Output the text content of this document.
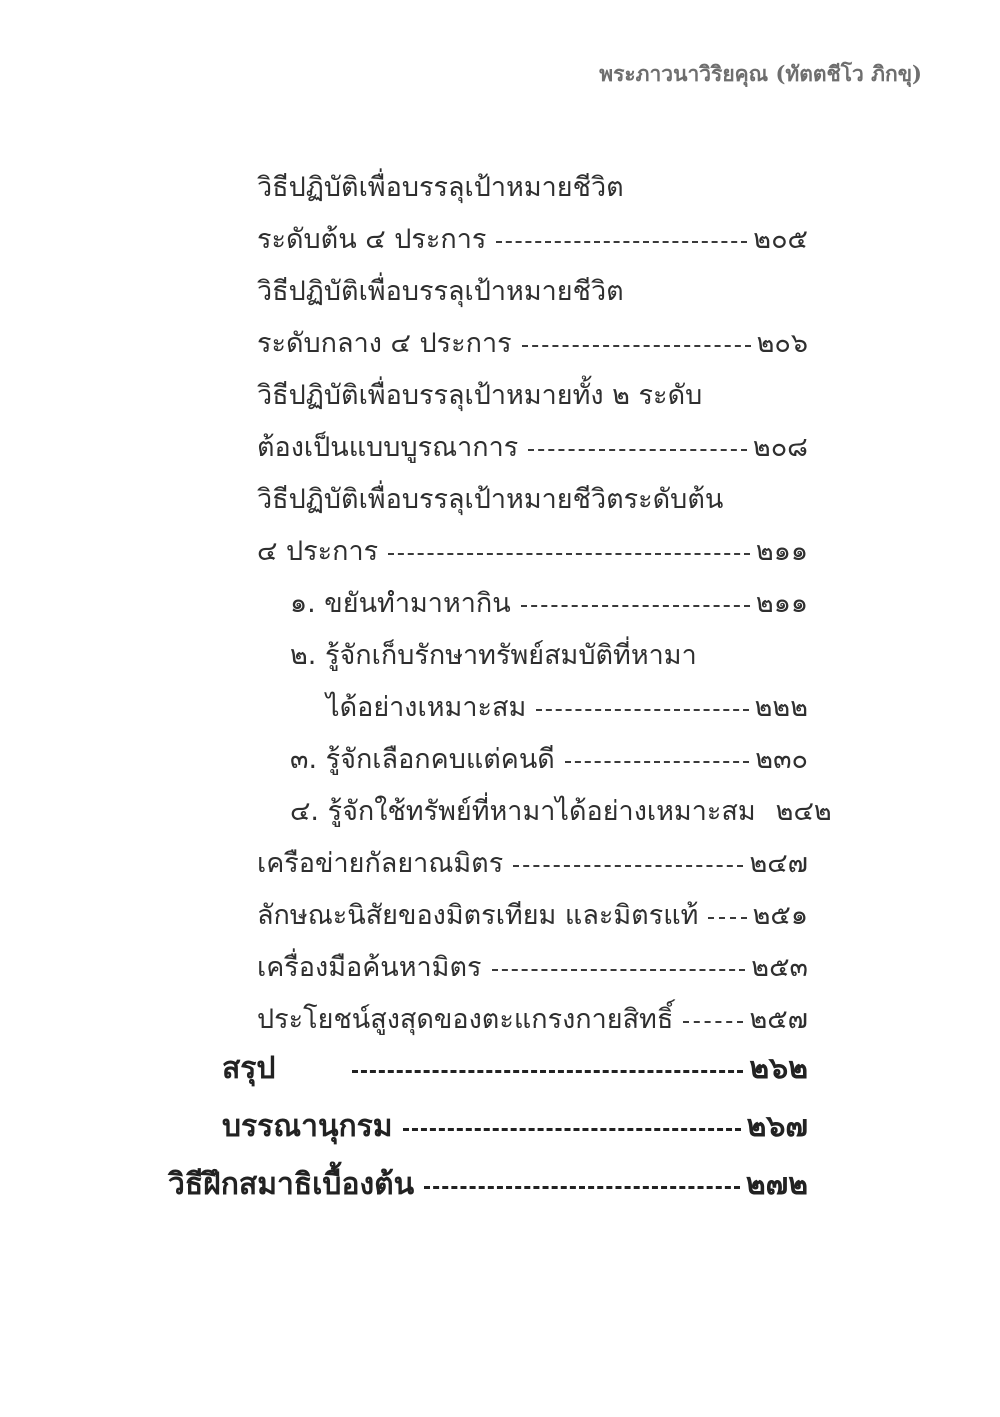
พระภาวนาวิริยคุณ (ทัตตชีโว ภิกขุ)
วิธีปฏิบัติเพื่อบรรลุเป้าหมายชีวิต
ระดับต้น ๔ ประการ	๒๐๕
วิธีปฏิบัติเพื่อบรรลุเป้าหมายชีวิต
ระดับกลาง ๔ ประการ	๒๐๖
วิธีปฏิบัติเพื่อบรรลุเป้าหมายทั้ง ๒ ระดับ
ต้องเป็นแบบบูรณาการ	๒๐๘
วิธีปฏิบัติเพื่อบรรลุเป้าหมายชีวิตระดับต้น
๔ ประการ	๒๑๑
๑. ขยันทำมาหากิน	๒๑๑
๒. รู้จักเก็บรักษาทรัพย์สมบัติที่หามา
ได้อย่างเหมาะสม	๒๒๒
๓. รู้จักเลือกคบแต่คนดี	๒๓๐
๔. รู้จักใช้ทรัพย์ที่หามาได้อย่างเหมาะสม ๒๔๒
เครือข่ายกัลยาณมิตร	๒๔๗
ลักษณะนิสัยของมิตรเทียม และมิตรแท้ ๒๕๑
เครื่องมือค้นหามิตร	๒๕๓
ประโยชน์สูงสุดของตะแกรงกายสิทธิ์	๒๕๗
สรุป	๒๖๒
บรรณานุกรม	๒๖๗
วิธีฝึกสมาธิเบื้องต้น	๒๗๒
